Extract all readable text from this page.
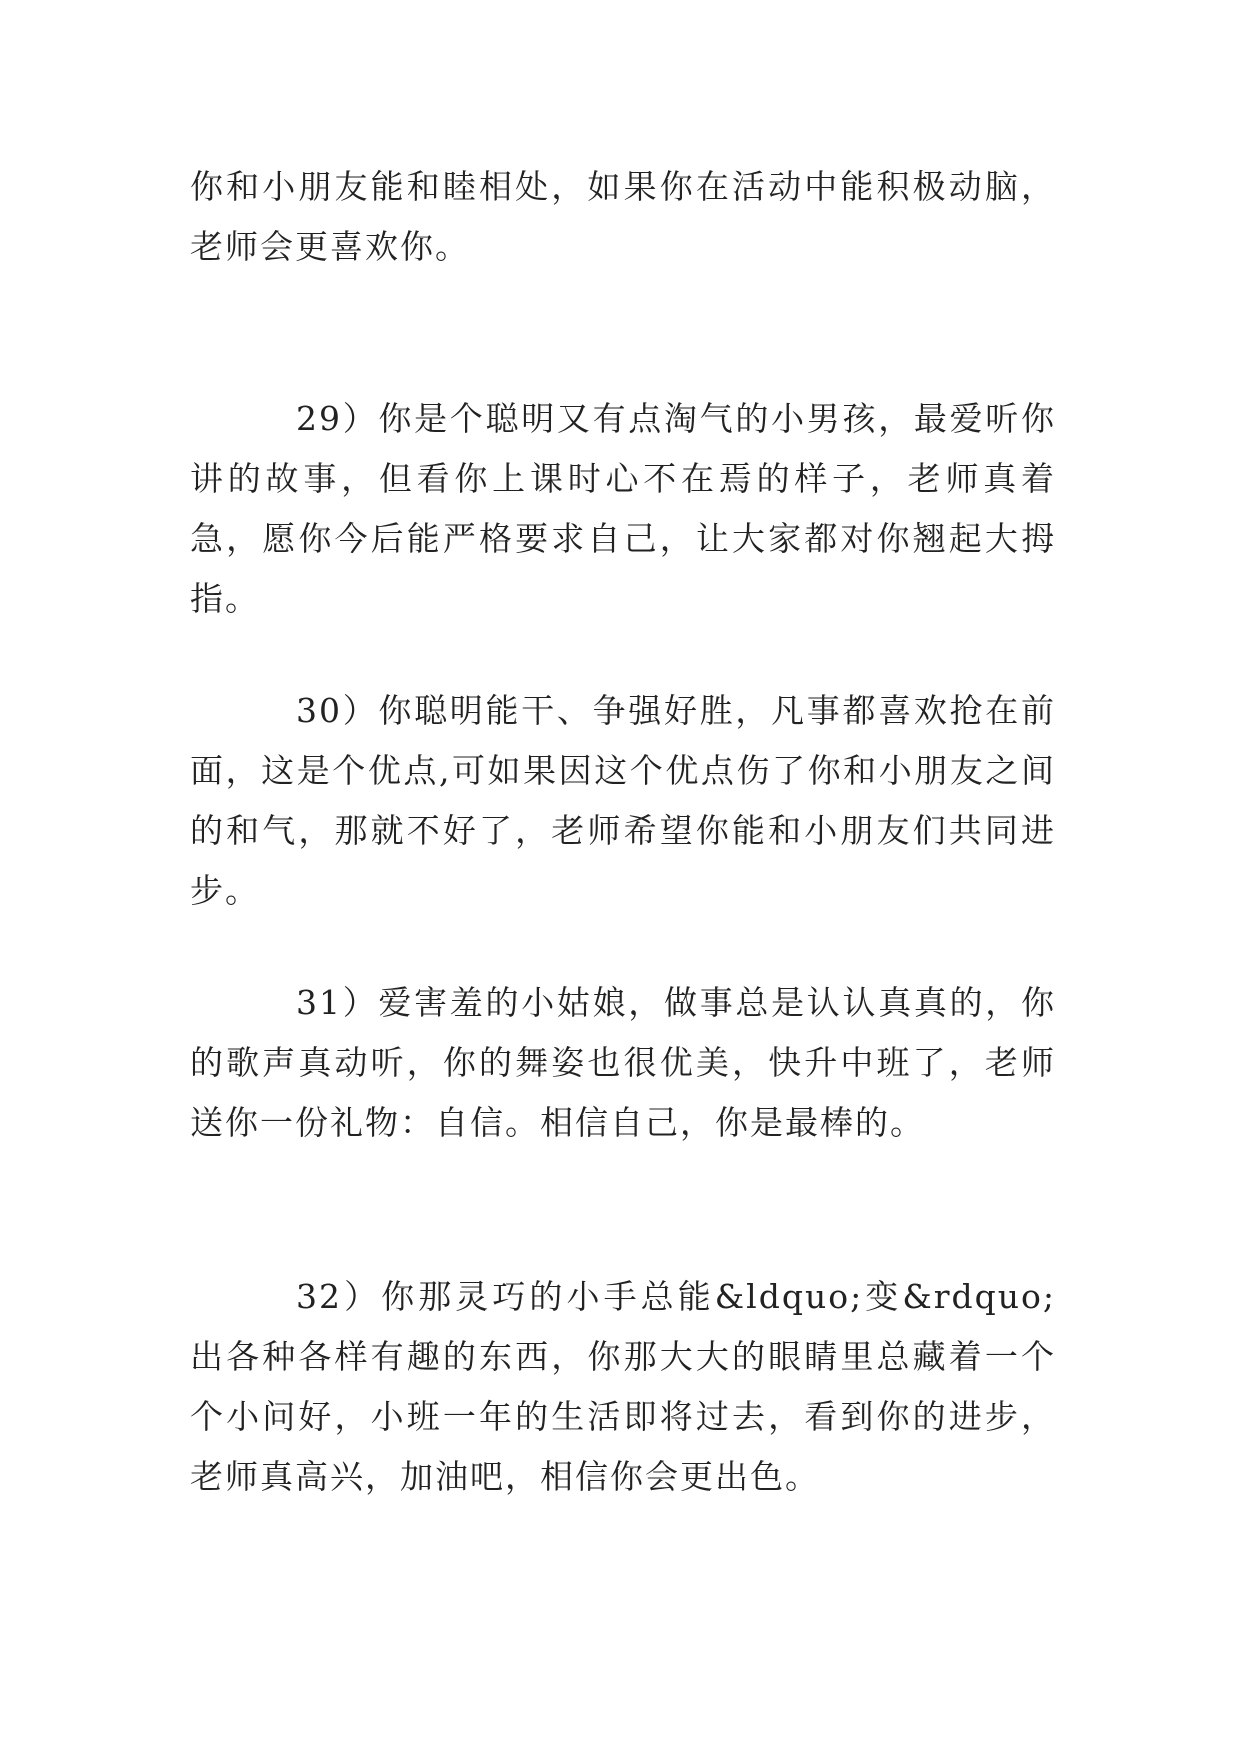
你和小朋友能和睦相处，如果你在活动中能积极动脑，老师会更喜欢你。

29）你是个聪明又有点淘气的小男孩，最爱听你讲的故事，但看你上课时心不在焉的样子，老师真着急，愿你今后能严格要求自己，让大家都对你翘起大拇指。

30）你聪明能干、争强好胜，凡事都喜欢抢在前面，这是个优点,可如果因这个优点伤了你和小朋友之间的和气，那就不好了，老师希望你能和小朋友们共同进步。

31）爱害羞的小姑娘，做事总是认认真真的，你的歌声真动听，你的舞姿也很优美，快升中班了，老师送你一份礼物：自信。相信自己，你是最棒的。

32）你那灵巧的小手总能&ldquo;变&rdquo;出各种各样有趣的东西，你那大大的眼睛里总藏着一个个小问好，小班一年的生活即将过去，看到你的进步，老师真高兴，加油吧，相信你会更出色。
